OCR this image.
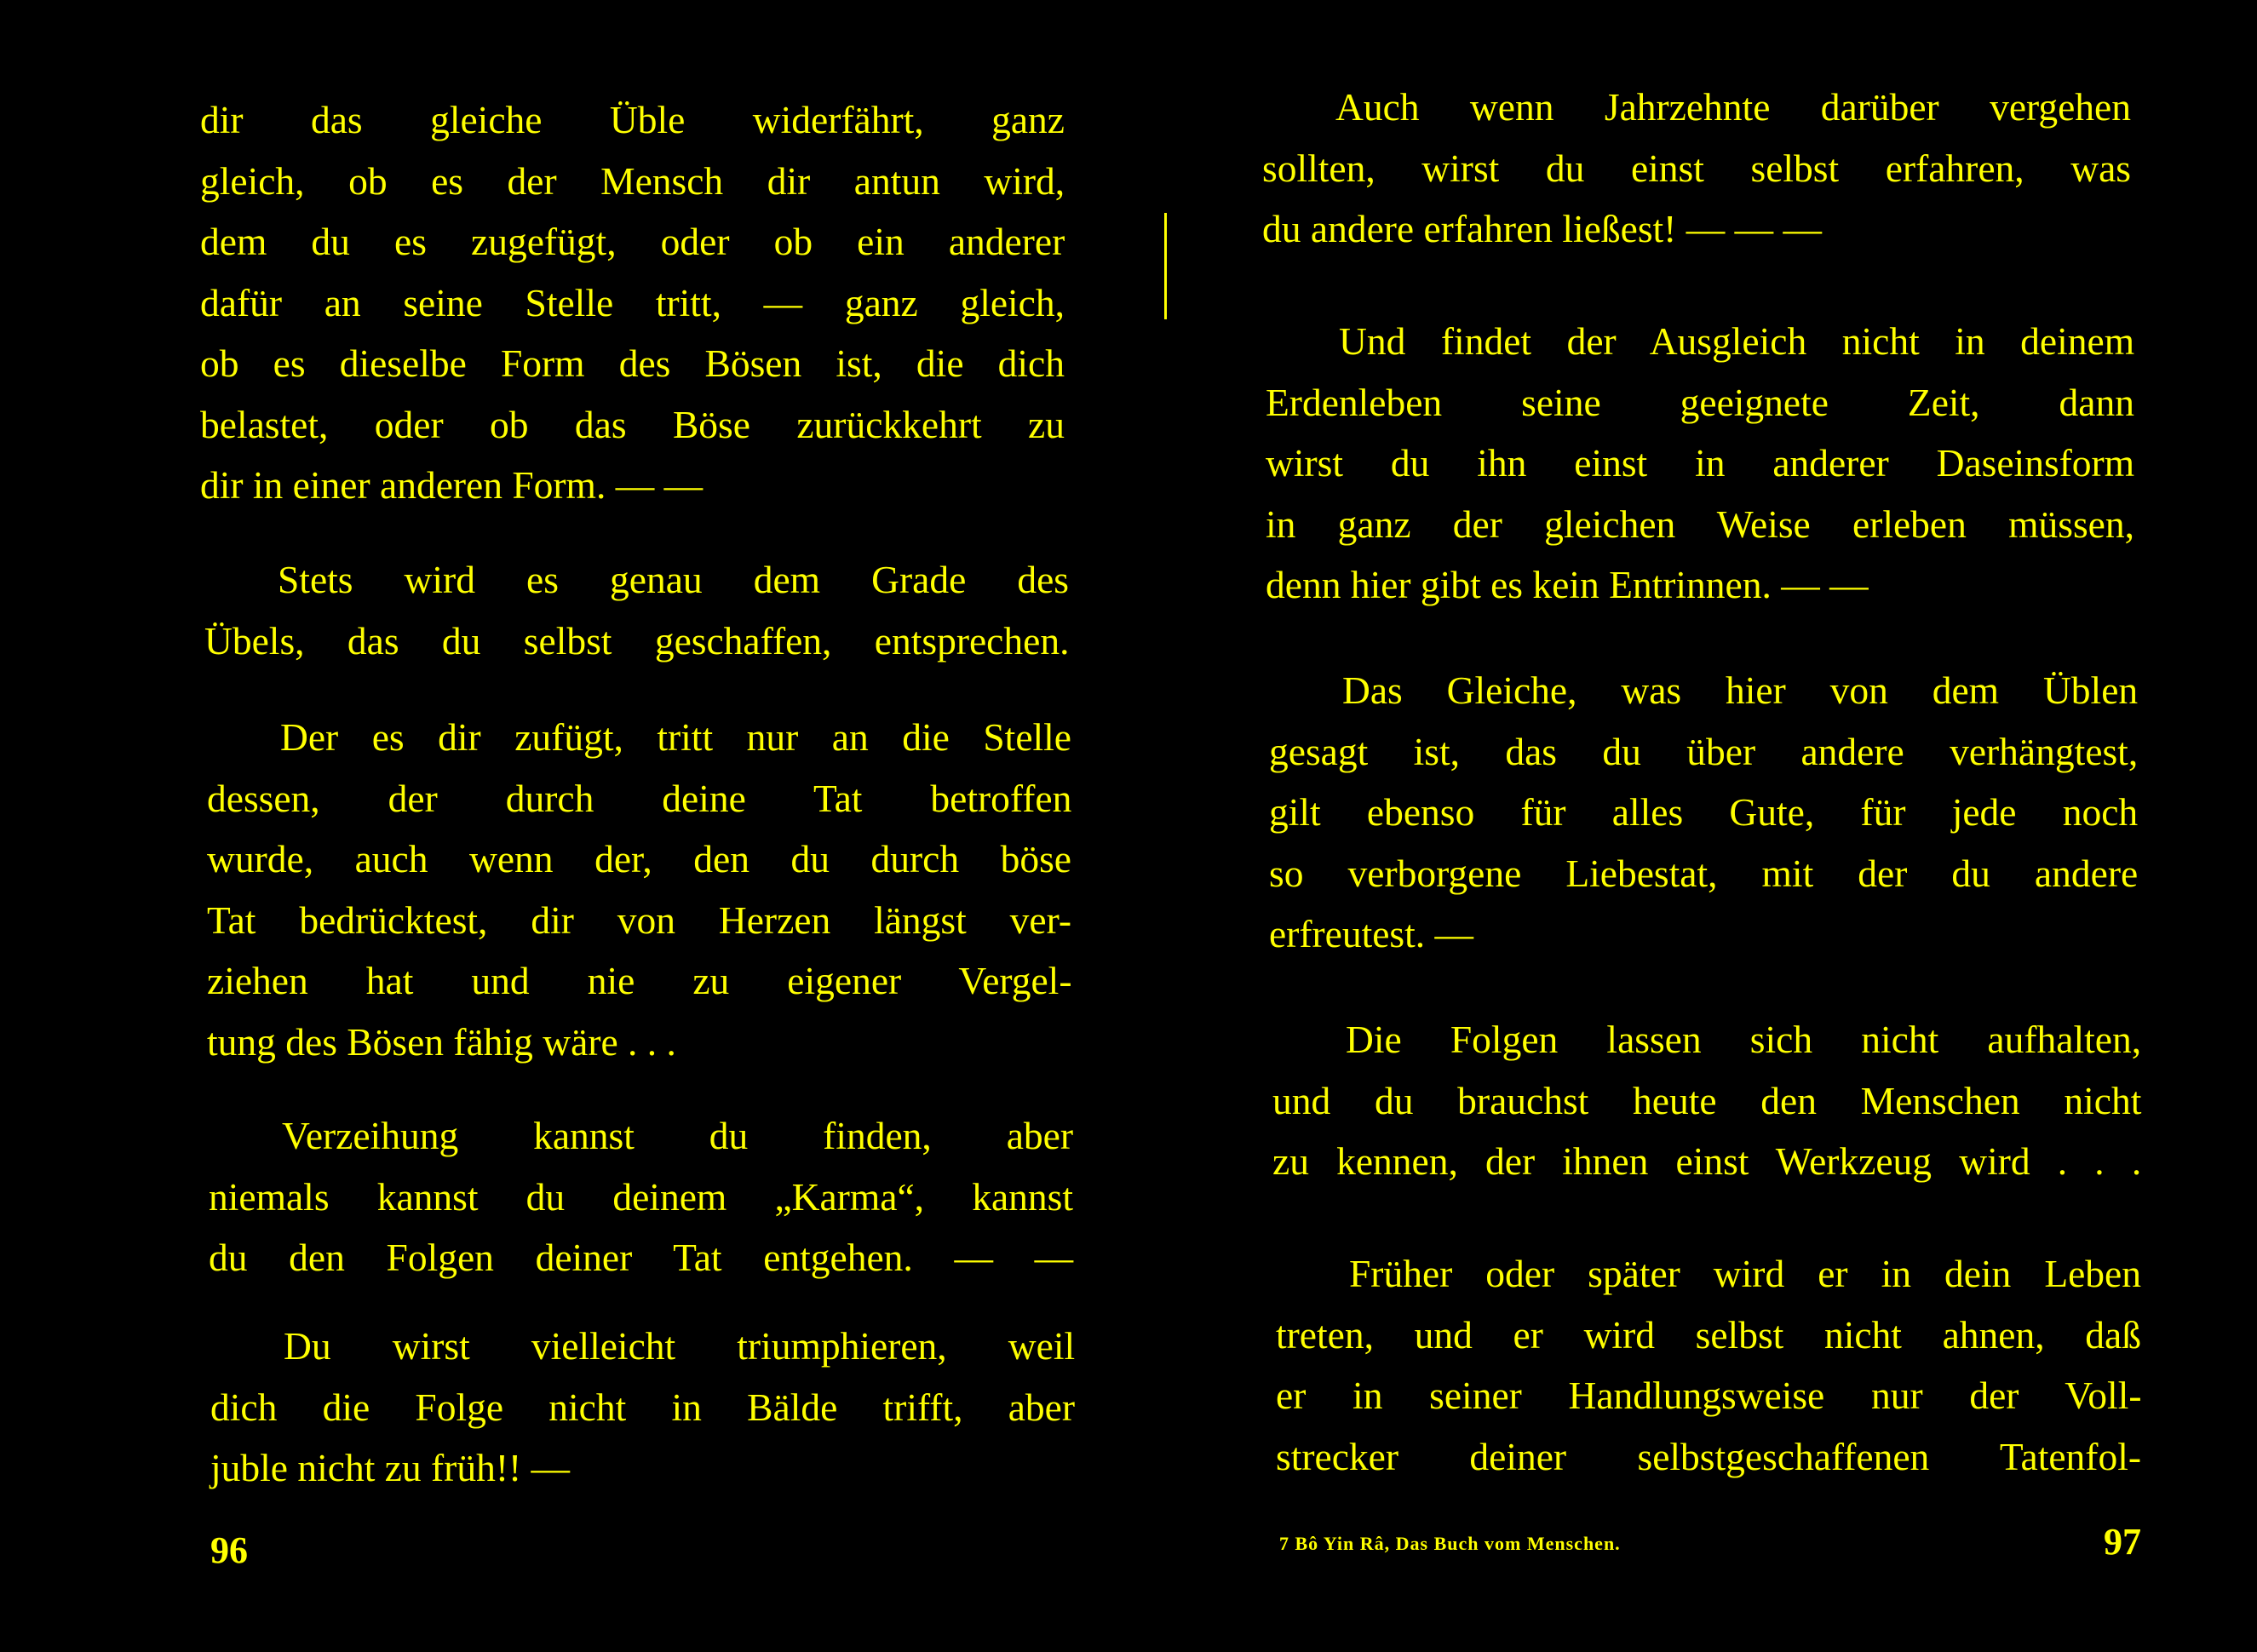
dir das gleiche Üble widerfährt, ganz
gleich, ob es der Mensch dir antun wird,
dem du es zugefügt, oder ob ein anderer
dafür an seine Stelle tritt, — ganz gleich,
ob es dieselbe Form des Bösen ist, die dich
belastet, oder ob das Böse zurückkehrt zu
dir in einer anderen Form. — —
Stets wird es genau dem Grade des
Übels, das du selbst geschaffen, entsprechen.
Der es dir zufügt, tritt nur an die Stelle
dessen, der durch deine Tat betroffen
wurde, auch wenn der, den du durch böse
Tat bedrücktest, dir von Herzen längst ver-
ziehen hat und nie zu eigener Vergel-
tung des Bösen fähig wäre . . .
Verzeihung kannst du finden, aber
niemals kannst du deinem „Karma“, kannst
du den Folgen deiner Tat entgehen. — —
Du wirst vielleicht triumphieren, weil
dich die Folge nicht in Bälde trifft, aber
juble nicht zu früh!! —
96
Auch wenn Jahrzehnte darüber vergehen
sollten, wirst du einst selbst erfahren, was
du andere erfahren ließest! — — —
Und findet der Ausgleich nicht in deinem
Erdenleben seine geeignete Zeit, dann
wirst du ihn einst in anderer Daseinsform
in ganz der gleichen Weise erleben müssen,
denn hier gibt es kein Entrinnen. — —
Das Gleiche, was hier von dem Üblen
gesagt ist, das du über andere verhängtest,
gilt ebenso für alles Gute, für jede noch
so verborgene Liebestat, mit der du andere
erfreutest. —
Die Folgen lassen sich nicht aufhalten,
und du brauchst heute den Menschen nicht
zu kennen, der ihnen einst Werkzeug wird . . .
Früher oder später wird er in dein Leben
treten, und er wird selbst nicht ahnen, daß
er in seiner Handlungsweise nur der Voll-
strecker deiner selbstgeschaffenen Tatenfol-
7 Bô Yin Râ, Das Buch vom Menschen.	97
